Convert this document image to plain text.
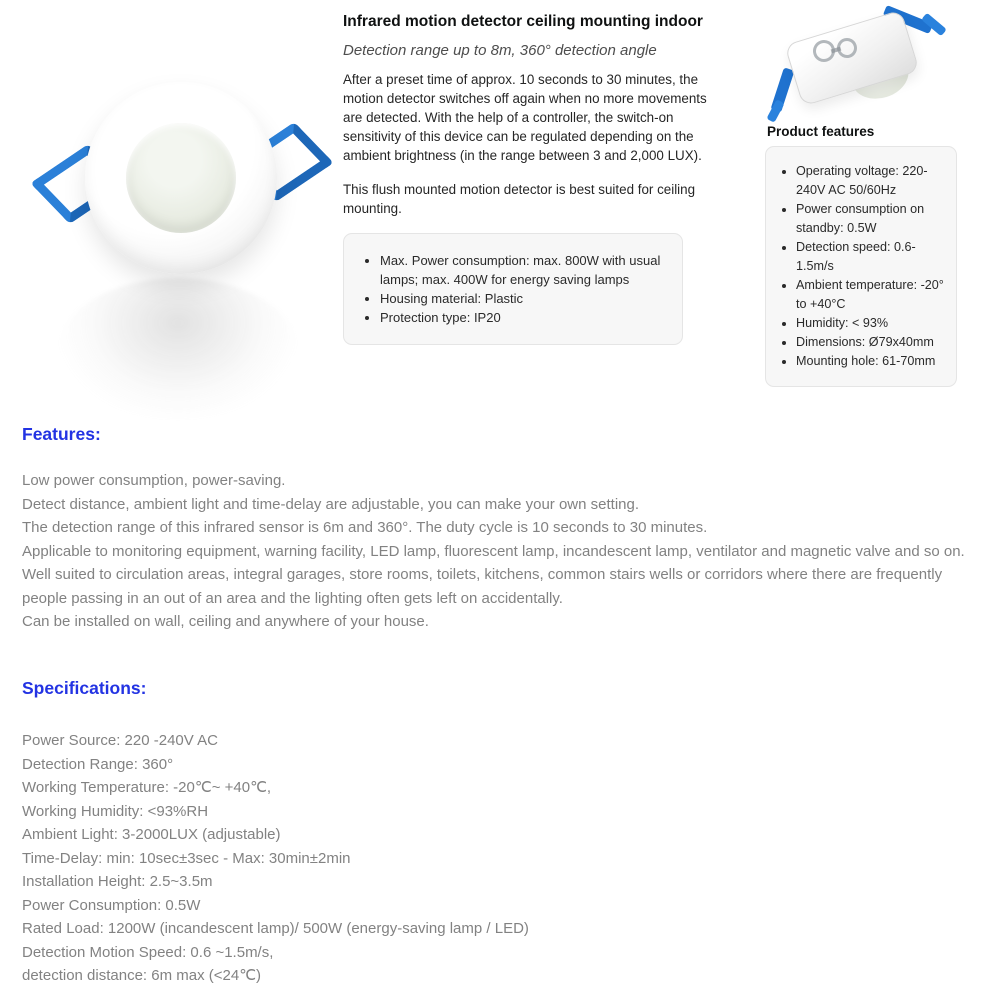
Infrared motion detector ceiling mounting indoor

Detection range up to 8m, 360° detection angle

After a preset time of approx. 10 seconds to 30 minutes, the motion detector switches off again when no more movements are detected. With the help of a controller, the switch-on sensitivity of this device can be regulated depending on the ambient brightness (in the range between 3 and 2,000 LUX).

This flush mounted motion detector is best suited for ceiling mounting.

• Max. Power consumption: max. 800W with usual lamps; max. 400W for energy saving lamps
• Housing material: Plastic
• Protection type: IP20
Product features
• Operating voltage: 220-240V AC 50/60Hz
• Power consumption on standby: 0.5W
• Detection speed: 0.6-1.5m/s
• Ambient temperature: -20° to +40°C
• Humidity: < 93%
• Dimensions: Ø79x40mm
• Mounting hole: 61-70mm
Features:
Low power consumption, power-saving.
Detect distance, ambient light and time-delay are adjustable, you can make your own setting.
The detection range of this infrared sensor is 6m and 360°. The duty cycle is 10 seconds to 30 minutes.
Applicable to monitoring equipment, warning facility, LED lamp, fluorescent lamp, incandescent lamp, ventilator and magnetic valve and so on.
Well suited to circulation areas, integral garages, store rooms, toilets, kitchens, common stairs wells or corridors where there are frequently people passing in an out of an area and the lighting often gets left on accidentally.
Can be installed on wall, ceiling and anywhere of your house.
Specifications:
Power Source: 220 -240V AC
Detection Range: 360°
Working Temperature: -20℃~ +40℃,
Working Humidity: <93%RH
Ambient Light: 3-2000LUX (adjustable)
Time-Delay: min: 10sec±3sec - Max: 30min±2min
Installation Height: 2.5~3.5m
Power Consumption: 0.5W
Rated Load: 1200W (incandescent lamp)/ 500W (energy-saving lamp / LED)
Detection Motion Speed: 0.6 ~1.5m/s,
detection distance: 6m max (<24℃)
